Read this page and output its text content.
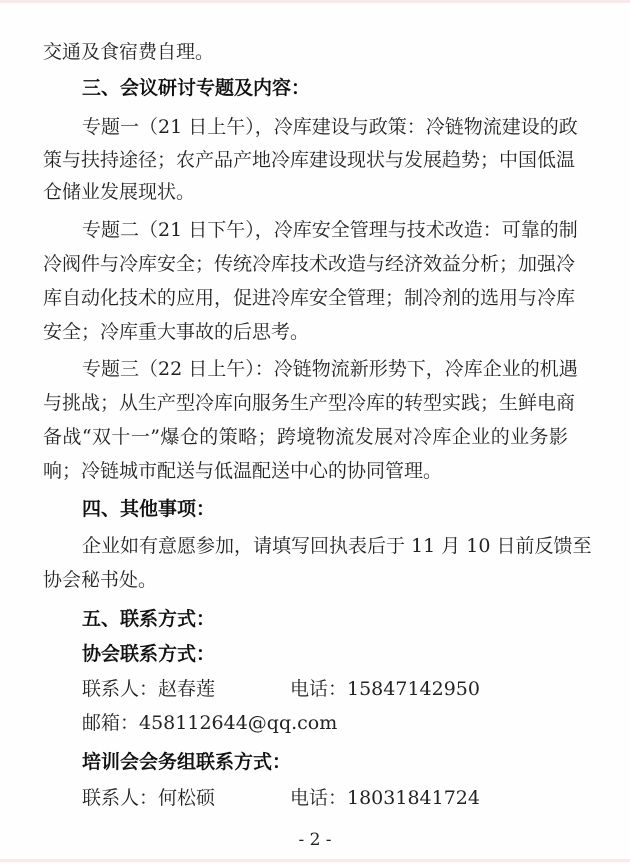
交通及食宿费自理。
三、会议研讨专题及内容：
专题一（21 日上午），冷库建设与政策：冷链物流建设的政
策与扶持途径；农产品产地冷库建设现状与发展趋势；中国低温
仓储业发展现状。
专题二（21 日下午），冷库安全管理与技术改造：可靠的制
冷阀件与冷库安全；传统冷库技术改造与经济效益分析；加强冷
库自动化技术的应用，促进冷库安全管理；制冷剂的选用与冷库
安全；冷库重大事故的后思考。
专题三（22 日上午）：冷链物流新形势下，冷库企业的机遇
与挑战；从生产型冷库向服务生产型冷库的转型实践；生鲜电商
备战“双十一”爆仓的策略；跨境物流发展对冷库企业的业务影
响；冷链城市配送与低温配送中心的协同管理。
四、其他事项：
企业如有意愿参加，请填写回执表后于 11 月 10 日前反馈至
协会秘书处。
五、联系方式：
协会联系方式：
联系人：赵春莲	电话：15847142950
邮箱：458112644@qq.com
培训会会务组联系方式：
联系人：何松硕	电话：18031841724
- 2 -
